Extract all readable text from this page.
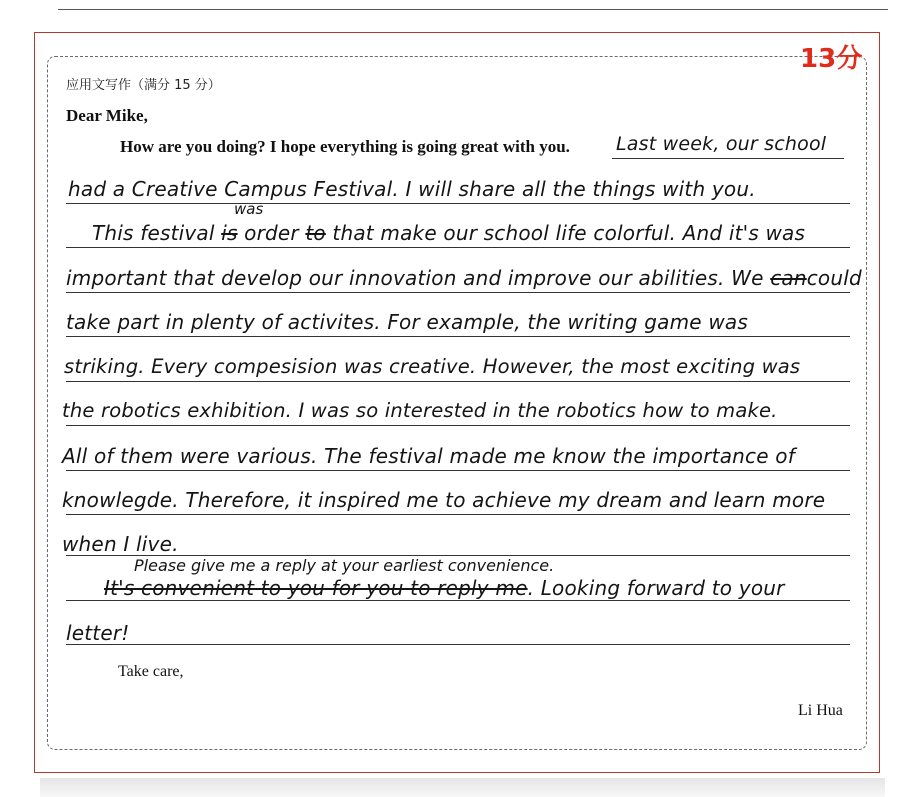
13分
应用文写作（满分 15 分）
Dear Mike,
How are you doing? I hope everything is going great with you. Last week, our school
had a Creative Campus Festival. I will share all the things with you.
was
This festival is order to that make our school life colorful. And it's was
important that develop our innovation and improve our abilities. We cancould
take part in plenty of activites. For example, the writing game was
striking. Every compesision was creative. However, the most exciting was
the robotics exhibition. I was so interested in the robotics how to make.
All of them were various. The festival made me know the importance of
knowlegde. Therefore, it inspired me to achieve my dream and learn more
when I live.
Please give me a reply at your earliest convenience.
It's convenient to you for you to reply me. Looking forward to your
letter!
Take care,
Li Hua
